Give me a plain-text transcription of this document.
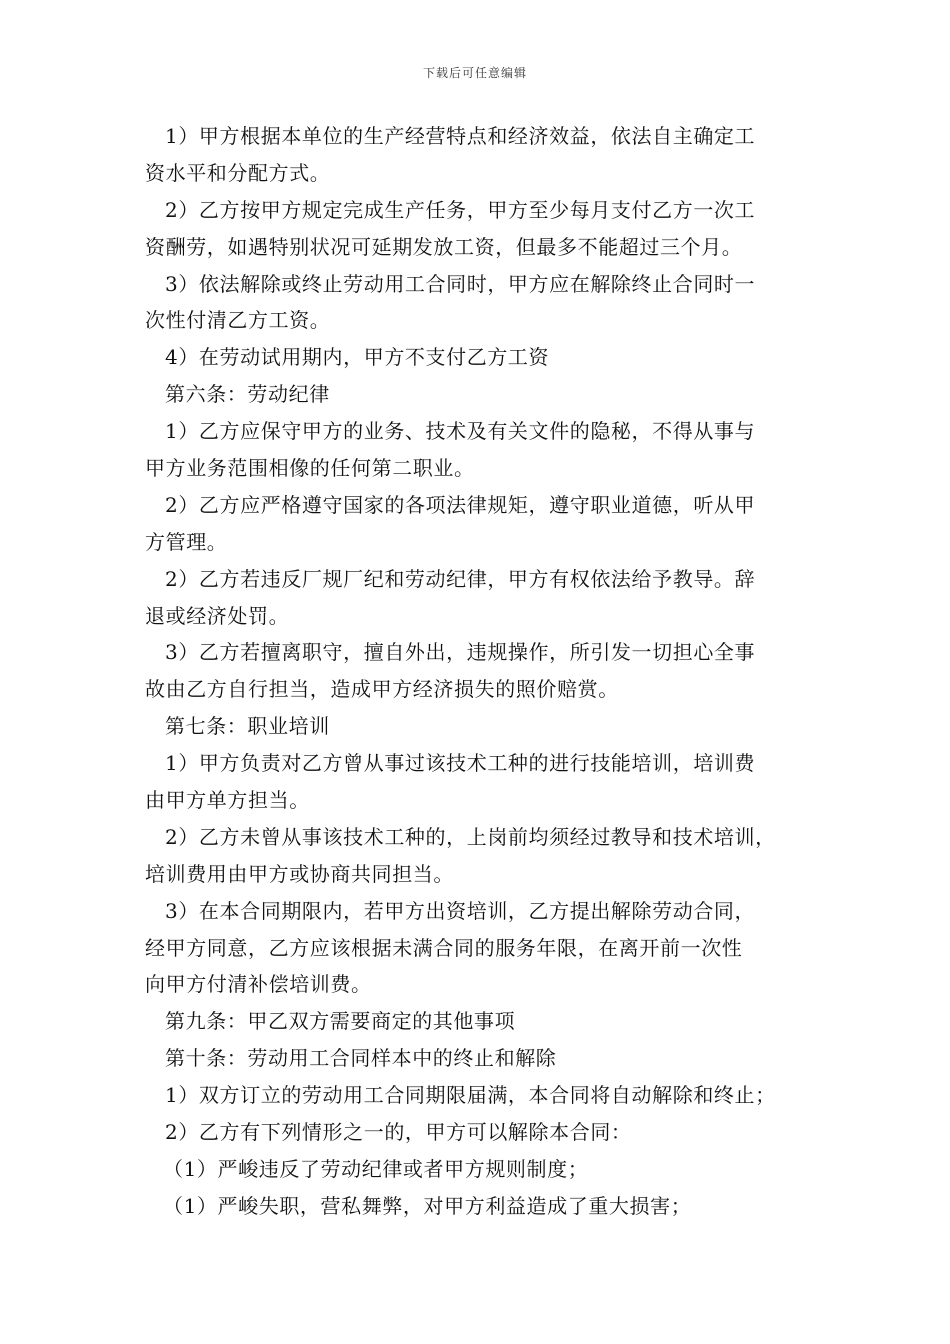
下载后可任意编辑
1）甲方根据本单位的生产经营特点和经济效益，依法自主确定工
资水平和分配方式。
2）乙方按甲方规定完成生产任务，甲方至少每月支付乙方一次工
资酬劳，如遇特别状况可延期发放工资，但最多不能超过三个月。
3）依法解除或终止劳动用工合同时，甲方应在解除终止合同时一
次性付清乙方工资。
4）在劳动试用期内，甲方不支付乙方工资
第六条：劳动纪律
1）乙方应保守甲方的业务、技术及有关文件的隐秘，不得从事与
甲方业务范围相像的任何第二职业。
2）乙方应严格遵守国家的各项法律规矩，遵守职业道德，听从甲
方管理。
2）乙方若违反厂规厂纪和劳动纪律，甲方有权依法给予教导。辞
退或经济处罚。
3）乙方若擅离职守，擅自外出，违规操作，所引发一切担心全事
故由乙方自行担当，造成甲方经济损失的照价赔赏。
第七条：职业培训
1）甲方负责对乙方曾从事过该技术工种的进行技能培训，培训费
由甲方单方担当。
2）乙方未曾从事该技术工种的，上岗前均须经过教导和技术培训，
培训费用由甲方或协商共同担当。
3）在本合同期限内，若甲方出资培训，乙方提出解除劳动合同，
经甲方同意，乙方应该根据未满合同的服务年限，在离开前一次性
向甲方付清补偿培训费。
第九条：甲乙双方需要商定的其他事项
第十条：劳动用工合同样本中的终止和解除
1）双方订立的劳动用工合同期限届满，本合同将自动解除和终止；
2）乙方有下列情形之一的，甲方可以解除本合同：
（1）严峻违反了劳动纪律或者甲方规则制度；
（1）严峻失职，营私舞弊，对甲方利益造成了重大损害；
